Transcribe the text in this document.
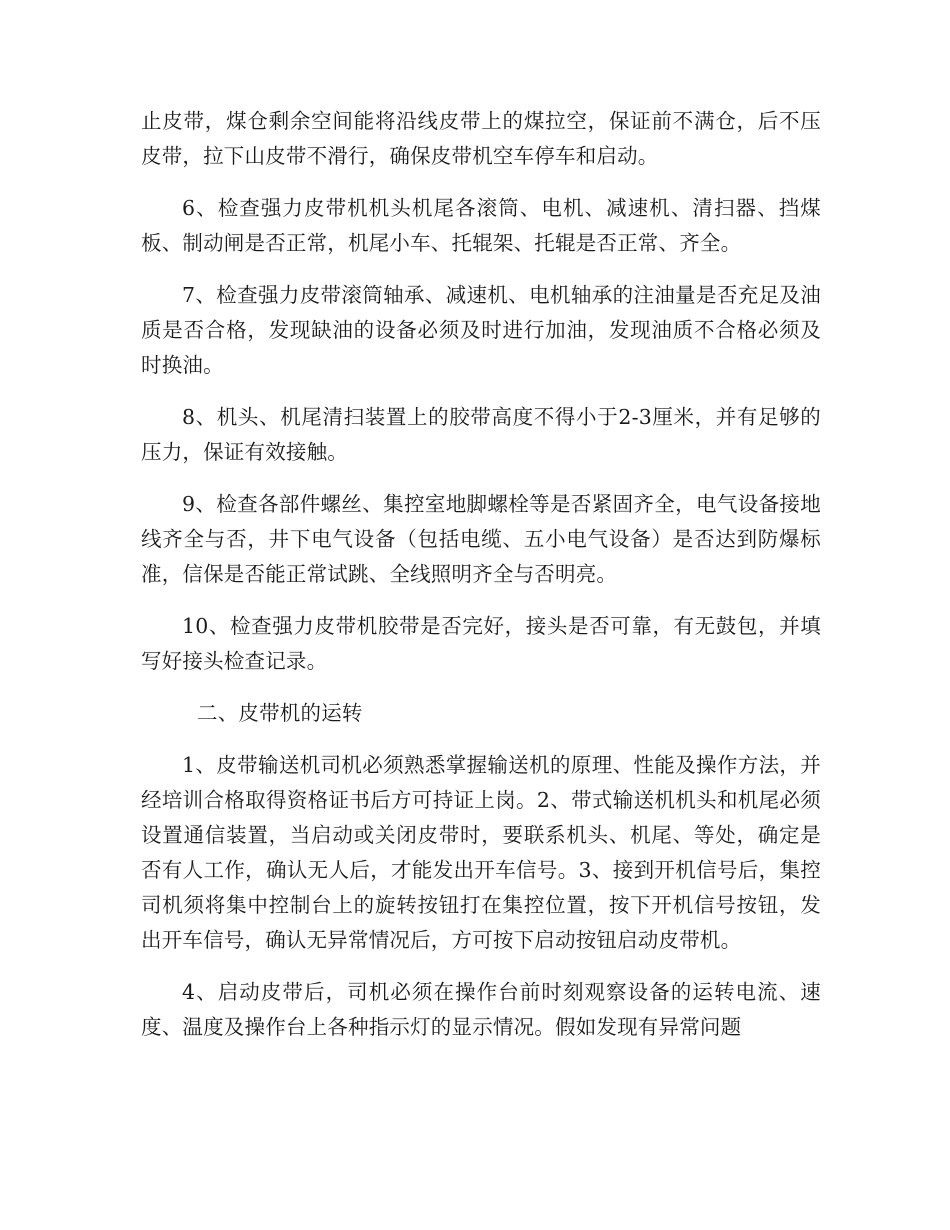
止皮带，煤仓剩余空间能将沿线皮带上的煤拉空，保证前不满仓，后不压皮带，拉下山皮带不滑行，确保皮带机空车停车和启动。

6、检查强力皮带机机头机尾各滚筒、电机、减速机、清扫器、挡煤板、制动闸是否正常，机尾小车、托辊架、托辊是否正常、齐全。

7、检查强力皮带滚筒轴承、减速机、电机轴承的注油量是否充足及油质是否合格，发现缺油的设备必须及时进行加油，发现油质不合格必须及时换油。

8、机头、机尾清扫装置上的胶带高度不得小于2-3厘米，并有足够的压力，保证有效接触。

9、检查各部件螺丝、集控室地脚螺栓等是否紧固齐全，电气设备接地线齐全与否，井下电气设备（包括电缆、五小电气设备）是否达到防爆标准，信保是否能正常试跳、全线照明齐全与否明亮。

10、检查强力皮带机胶带是否完好，接头是否可靠，有无鼓包，并填写好接头检查记录。

二、皮带机的运转

1、皮带输送机司机必须熟悉掌握输送机的原理、性能及操作方法，并经培训合格取得资格证书后方可持证上岗。2、带式输送机机头和机尾必须设置通信装置，当启动或关闭皮带时，要联系机头、机尾、等处，确定是否有人工作，确认无人后，才能发出开车信号。3、接到开机信号后，集控司机须将集中控制台上的旋转按钮打在集控位置，按下开机信号按钮，发出开车信号，确认无异常情况后，方可按下启动按钮启动皮带机。

4、启动皮带后，司机必须在操作台前时刻观察设备的运转电流、速度、温度及操作台上各种指示灯的显示情况。假如发现有异常问题
